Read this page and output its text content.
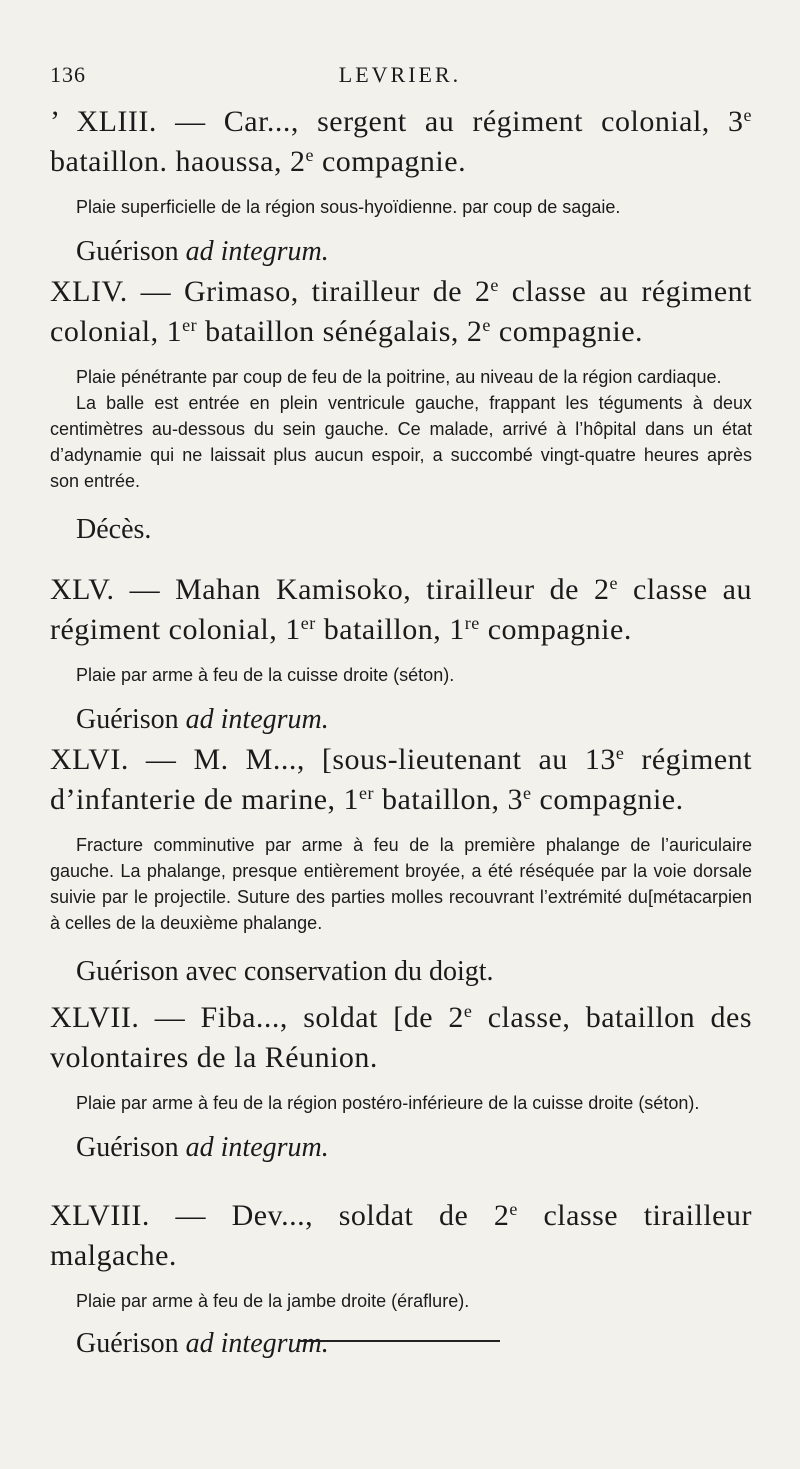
136	LEVRIER.

’ XLIII. — Car..., sergent au régiment colonial, 3e bataillon. haoussa, 2e compagnie.

Plaie superficielle de la région sous-hyoïdienne. par coup de sagaie.

Guérison ad integrum.

XLIV. — Grimaso, tirailleur de 2e classe au régiment colonial, 1er bataillon sénégalais, 2e compagnie.

Plaie pénétrante par coup de feu de la poitrine, au niveau de la région cardiaque.

La balle est entrée en plein ventricule gauche, frappant les téguments à deux centimètres au-dessous du sein gauche. Ce malade, arrivé à l’hôpital dans un état d’adynamie qui ne laissait plus aucun espoir, a succombé vingt-quatre heures après son entrée.

Décès.

XLV. — Mahan Kamisoko, tirailleur de 2e classe au régiment colonial, 1er bataillon, 1re compagnie.

Plaie par arme à feu de la cuisse droite (séton).

Guérison ad integrum.

XLVI. — M. M..., [sous-lieutenant au 13e régiment d’infanterie de marine, 1er bataillon, 3e compagnie.

Fracture comminutive par arme à feu de la première phalange de l’auriculaire gauche. La phalange, presque entièrement broyée, a été réséquée par la voie dorsale suivie par le projectile. Suture des parties molles recouvrant l’extrémité du[métacarpien à celles de la deuxième phalange.

Guérison avec conservation du doigt.

XLVII. — Fiba..., soldat [de 2e classe, bataillon des volontaires de la Réunion.

Plaie par arme à feu de la région postéro-inférieure de la cuisse droite (séton).

Guérison ad integrum.

XLVIII. — Dev..., soldat de 2e classe tirailleur malgache.

Plaie par arme à feu de la jambe droite (éraflure).

Guérison ad integrum.
